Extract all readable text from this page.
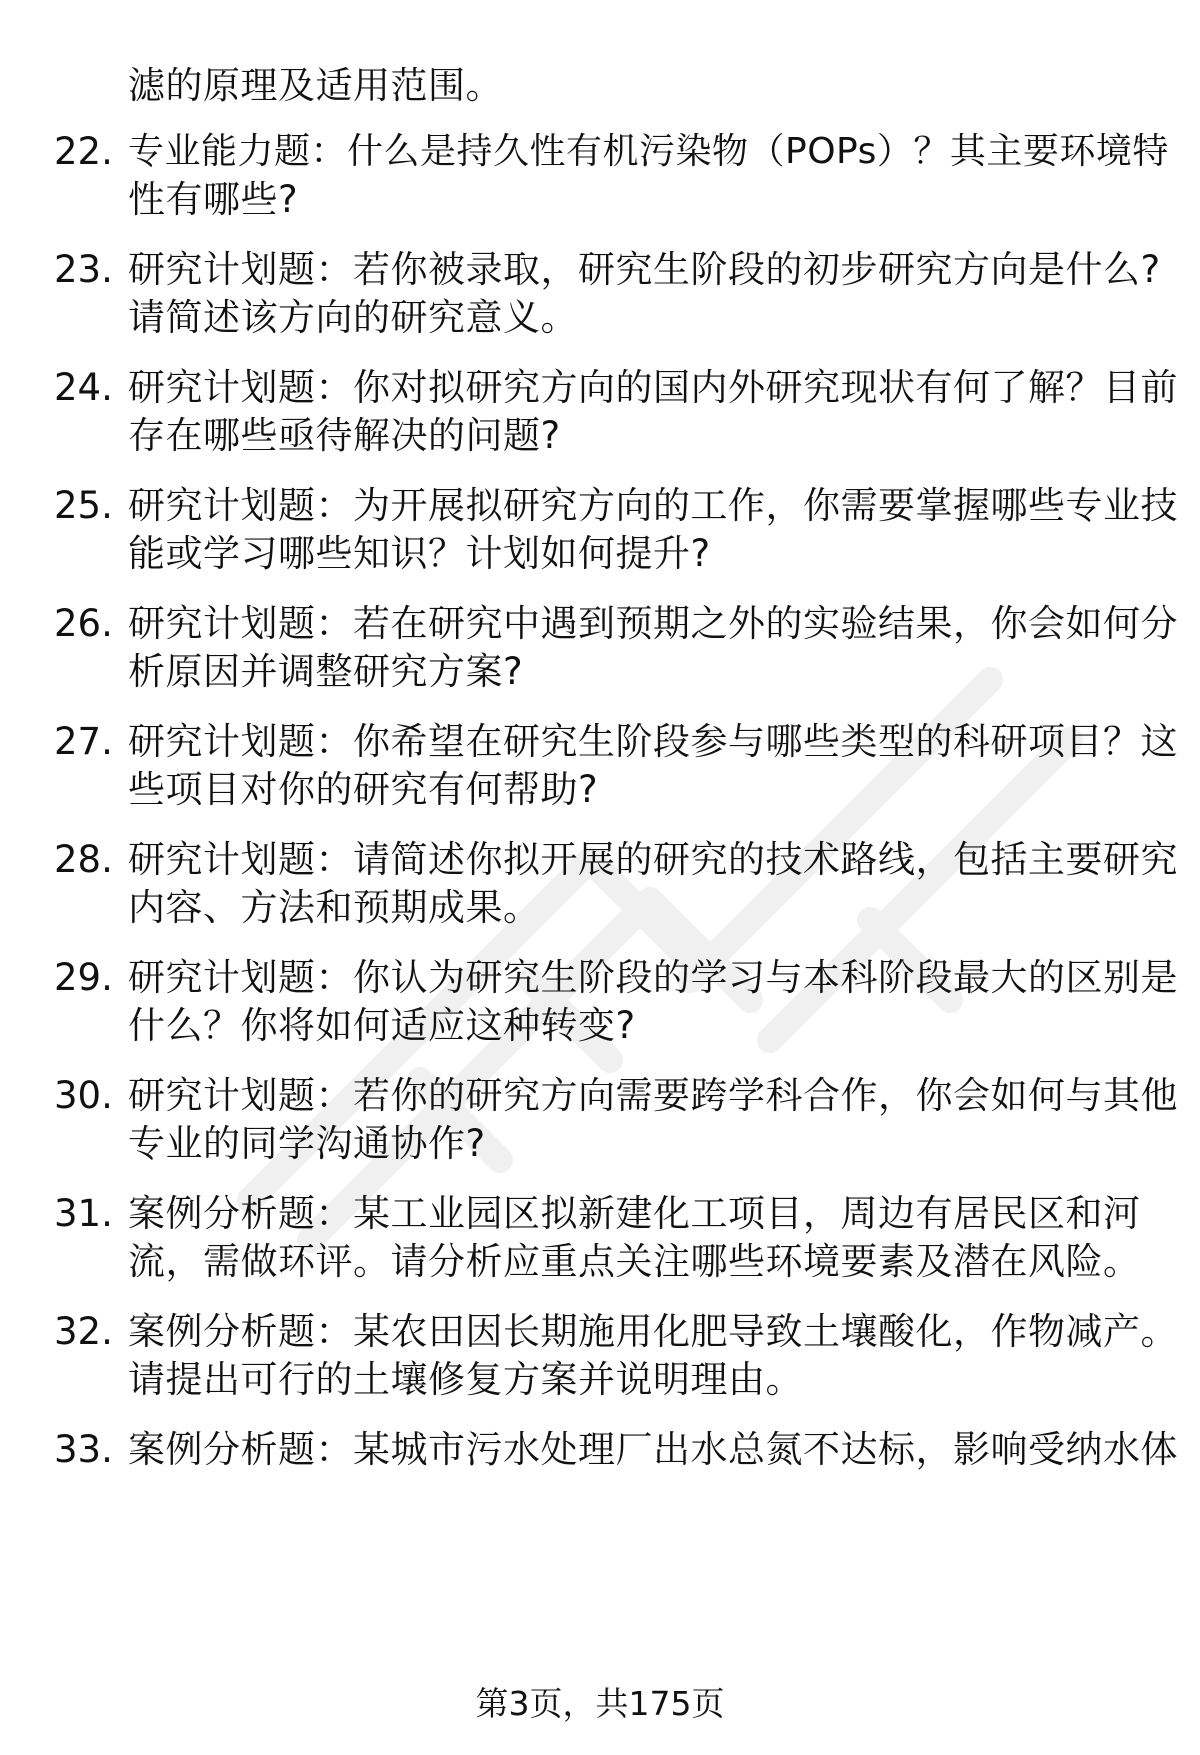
滤的原理及适用范围。
22. 专业能力题：什么是持久性有机污染物（POPs）？其主要环境特
性有哪些?
23. 研究计划题：若你被录取，研究生阶段的初步研究方向是什么?
请简述该方向的研究意义。
24. 研究计划题：你对拟研究方向的国内外研究现状有何了解？目前
存在哪些亟待解决的问题?
25. 研究计划题：为开展拟研究方向的工作，你需要掌握哪些专业技
能或学习哪些知识？计划如何提升?
26. 研究计划题：若在研究中遇到预期之外的实验结果，你会如何分
析原因并调整研究方案?
27. 研究计划题：你希望在研究生阶段参与哪些类型的科研项目？这
些项目对你的研究有何帮助?
28. 研究计划题：请简述你拟开展的研究的技术路线，包括主要研究
内容、方法和预期成果。
29. 研究计划题：你认为研究生阶段的学习与本科阶段最大的区别是
什么？你将如何适应这种转变?
30. 研究计划题：若你的研究方向需要跨学科合作，你会如何与其他
专业的同学沟通协作?
31. 案例分析题：某工业园区拟新建化工项目，周边有居民区和河
流，需做环评。请分析应重点关注哪些环境要素及潜在风险。
32. 案例分析题：某农田因长期施用化肥导致土壤酸化，作物减产。
请提出可行的土壤修复方案并说明理由。
33. 案例分析题：某城市污水处理厂出水总氮不达标，影响受纳水体
第3页，共175页
